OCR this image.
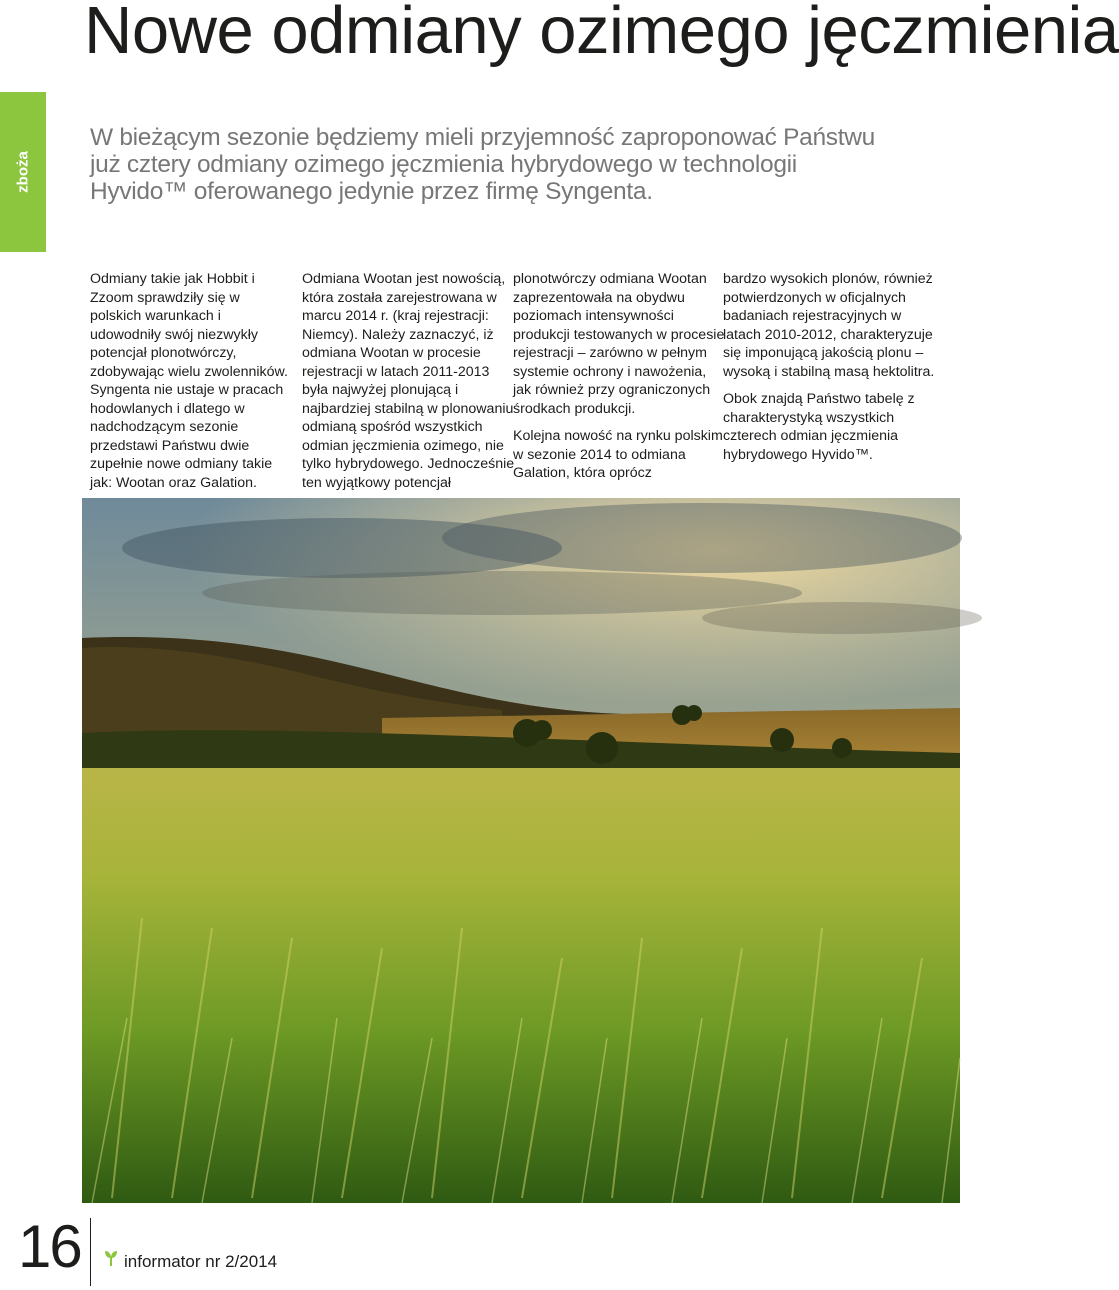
Nowe odmiany ozimego jęczmienia
zboża

W bieżącym sezonie będziemy mieli przyjemność zaproponować Państwu już cztery odmiany ozimego jęczmienia hybrydowego w technologii Hyvido™ oferowanego jedynie przez firmę Syngenta.

Odmiany takie jak Hobbit i Zzoom sprawdziły się w polskich warunkach i udowodniły swój niezwykły potencjał plonotwórczy, zdobywając wielu zwolenników. Syngenta nie ustaje w pracach hodowlanych i dlatego w nadchodzącym sezonie przedstawi Państwu dwie zupełnie nowe odmiany takie jak: Wootan oraz Galation.

Odmiana Wootan jest nowością, która została zarejestrowana w marcu 2014 r. (kraj rejestracji: Niemcy). Należy zaznaczyć, iż odmiana Wootan w procesie rejestracji w latach 2011-2013 była najwyżej plonującą i najbardziej stabilną w plonowaniu odmianą spośród wszystkich odmian jęczmienia ozimego, nie tylko hybrydowego. Jednocześnie ten wyjątkowy potencjał

plonotwórczy odmiana Wootan zaprezentowała na obydwu poziomach intensywności produkcji testowanych w procesie rejestracji – zarówno w pełnym systemie ochrony i nawożenia, jak również przy ograniczonych środkach produkcji.

Kolejna nowość na rynku polskim w sezonie 2014 to odmiana Galation, która oprócz

bardzo wysokich plonów, również potwierdzonych w oficjalnych badaniach rejestracyjnych w latach 2010-2012, charakteryzuje się imponującą jakością plonu – wysoką i stabilną masą hektolitra.

Obok znajdą Państwo tabelę z charakterystyką wszystkich czterech odmian jęczmienia hybrydowego Hyvido™.

16	informator nr 2/2014
